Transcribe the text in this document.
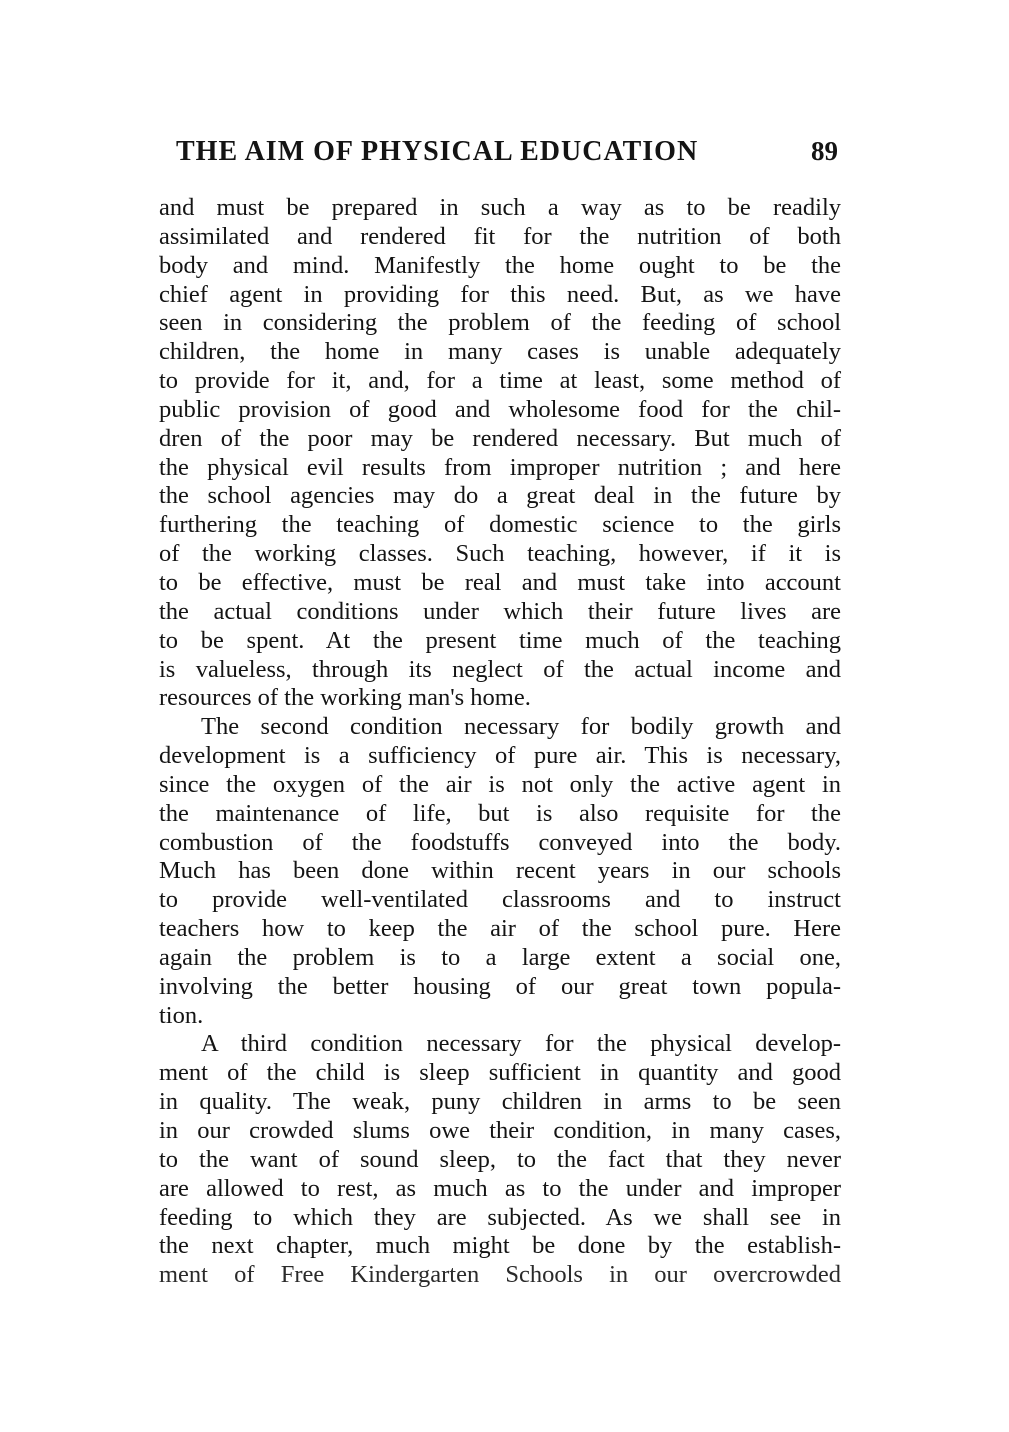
THE AIM OF PHYSICAL EDUCATION	89
and must be prepared in such a way as to be readily
assimilated and rendered fit for the nutrition of both
body and mind. Manifestly the home ought to be the
chief agent in providing for this need. But, as we have
seen in considering the problem of the feeding of school
children, the home in many cases is unable adequately
to provide for it, and, for a time at least, some method of
public provision of good and wholesome food for the chil-
dren of the poor may be rendered necessary. But much of
the physical evil results from improper nutrition ; and here
the school agencies may do a great deal in the future by
furthering the teaching of domestic science to the girls
of the working classes. Such teaching, however, if it is
to be effective, must be real and must take into account
the actual conditions under which their future lives are
to be spent. At the present time much of the teaching
is valueless, through its neglect of the actual income and
resources of the working man's home.
The second condition necessary for bodily growth and
development is a sufficiency of pure air. This is necessary,
since the oxygen of the air is not only the active agent in
the maintenance of life, but is also requisite for the
combustion of the foodstuffs conveyed into the body.
Much has been done within recent years in our schools
to provide well-ventilated classrooms and to instruct
teachers how to keep the air of the school pure. Here
again the problem is to a large extent a social one,
involving the better housing of our great town popula-
tion.
A third condition necessary for the physical develop-
ment of the child is sleep sufficient in quantity and good
in quality. The weak, puny children in arms to be seen
in our crowded slums owe their condition, in many cases,
to the want of sound sleep, to the fact that they never
are allowed to rest, as much as to the under and improper
feeding to which they are subjected. As we shall see in
the next chapter, much might be done by the establish-
ment of Free Kindergarten Schools in our overcrowded
